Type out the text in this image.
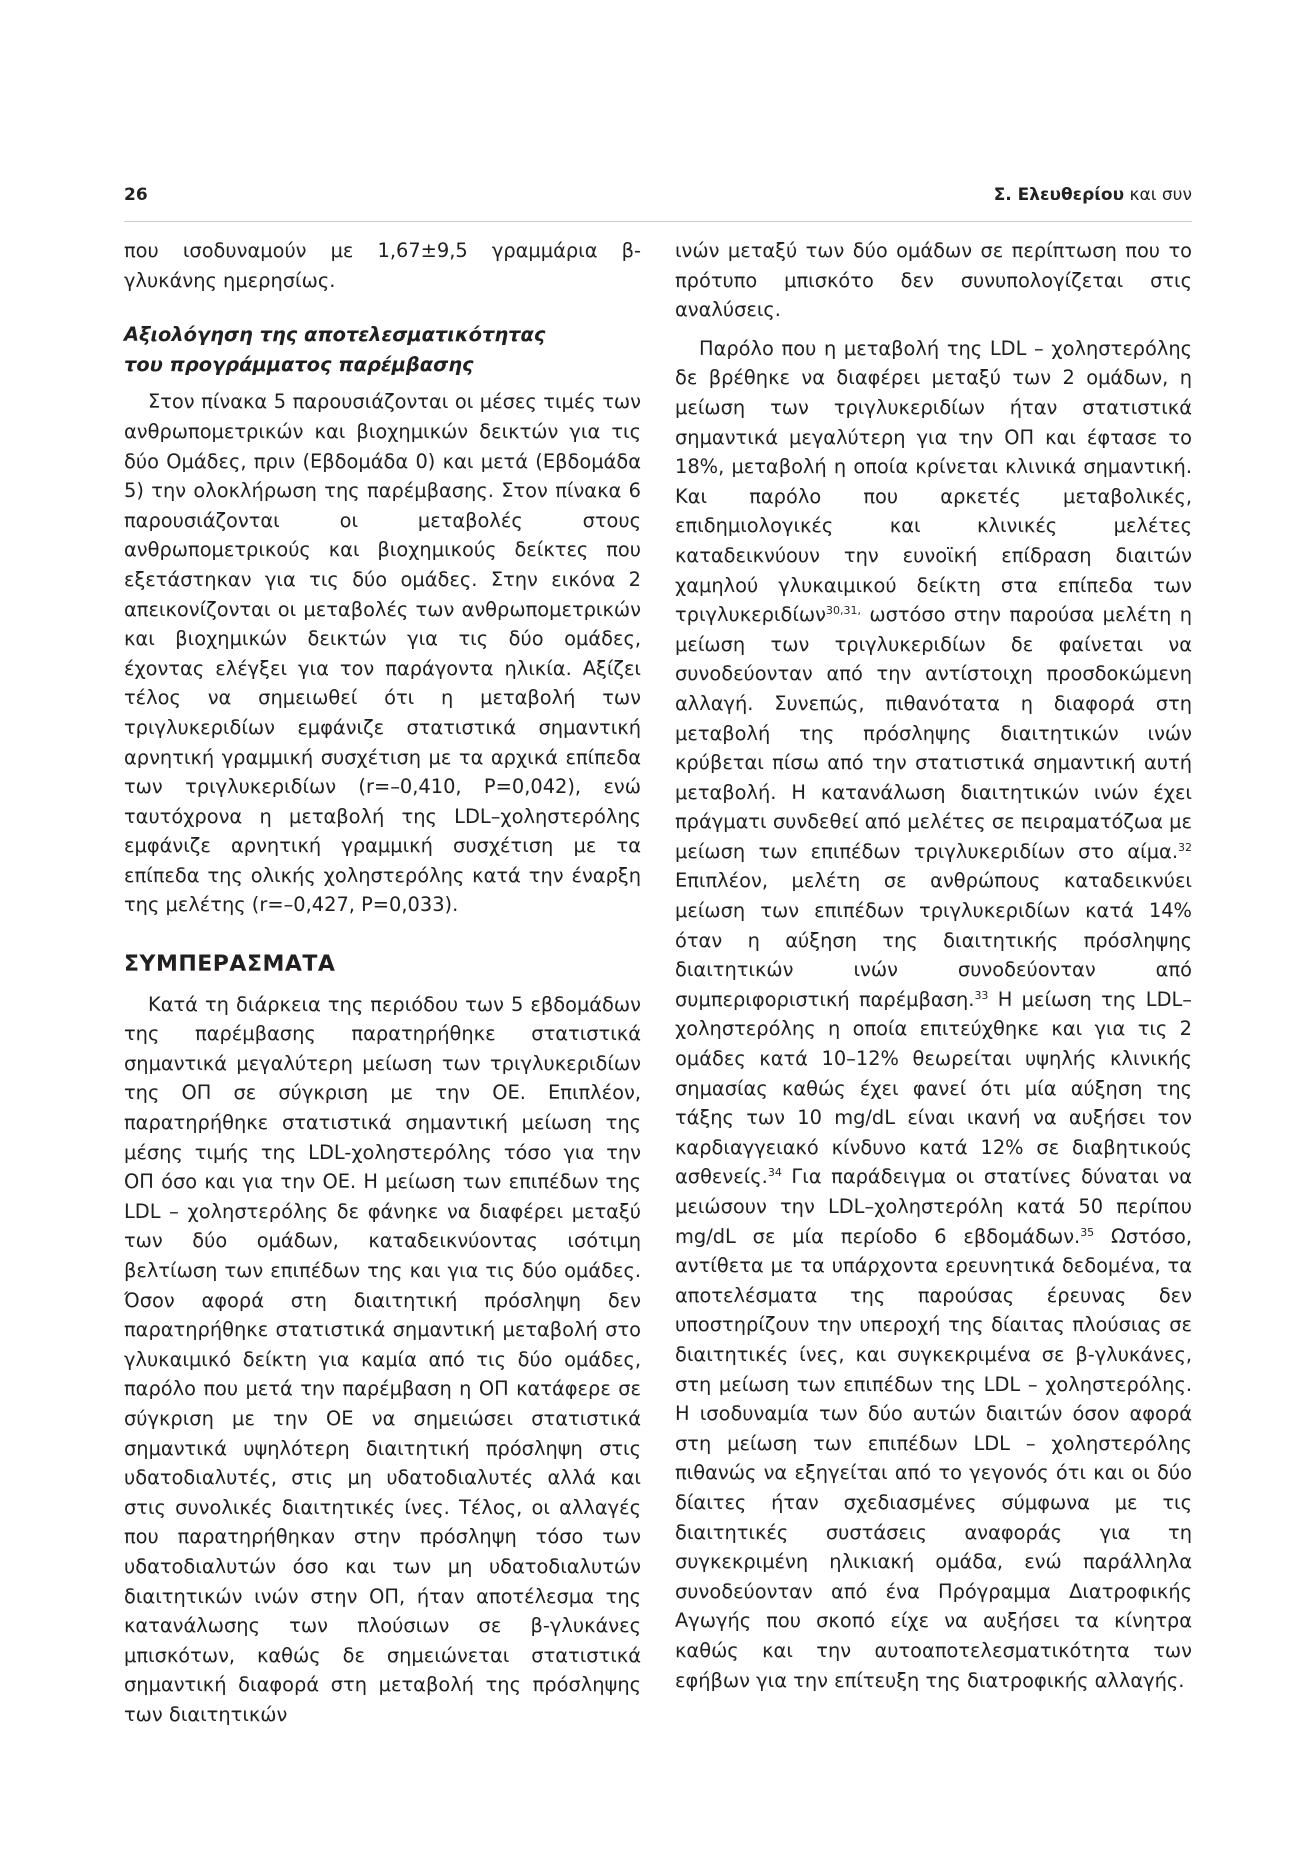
26	Σ. Ελευθερίου και συν

που ισοδυναμούν με 1,67±9,5 γραμμάρια β-γλυκάνης ημερησίως.

Αξιολόγηση της αποτελεσματικότητας
του προγράμματος παρέμβασης

Στον πίνακα 5 παρουσιάζονται οι μέσες τιμές των ανθρωπομετρικών και βιοχημικών δεικτών για τις δύο Ομάδες, πριν (Εβδομάδα 0) και μετά (Εβδομάδα 5) την ολοκλήρωση της παρέμβασης. Στον πίνακα 6 παρουσιάζονται οι μεταβολές στους ανθρωπομετρικούς και βιοχημικούς δείκτες που εξετάστηκαν για τις δύο ομάδες. Στην εικόνα 2 απεικονίζονται οι μεταβολές των ανθρωπομετρικών και βιοχημικών δεικτών για τις δύο ομάδες, έχοντας ελέγξει για τον παράγοντα ηλικία. Αξίζει τέλος να σημειωθεί ότι η μεταβολή των τριγλυκεριδίων εμφάνιζε στατιστικά σημαντική αρνητική γραμμική συσχέτιση με τα αρχικά επίπεδα των τριγλυκεριδίων (r=–0,410, P=0,042), ενώ ταυτόχρονα η μεταβολή της LDL–χοληστερόλης εμφάνιζε αρνητική γραμμική συσχέτιση με τα επίπεδα της ολικής χοληστερόλης κατά την έναρξη της μελέτης (r=–0,427, P=0,033).

ΣΥΜΠΕΡΑΣΜΑΤΑ

Κατά τη διάρκεια της περιόδου των 5 εβδομάδων της παρέμβασης παρατηρήθηκε στατιστικά σημαντικά μεγαλύτερη μείωση των τριγλυκεριδίων της ΟΠ σε σύγκριση με την ΟΕ. Επιπλέον, παρατηρήθηκε στατιστικά σημαντική μείωση της μέσης τιμής της LDL-χοληστερόλης τόσο για την ΟΠ όσο και για την ΟΕ. Η μείωση των επιπέδων της LDL – χοληστερόλης δε φάνηκε να διαφέρει μεταξύ των δύο ομάδων, καταδεικνύοντας ισότιμη βελτίωση των επιπέδων της και για τις δύο ομάδες. Όσον αφορά στη διαιτητική πρόσληψη δεν παρατηρήθηκε στατιστικά σημαντική μεταβολή στο γλυκαιμικό δείκτη για καμία από τις δύο ομάδες, παρόλο που μετά την παρέμβαση η ΟΠ κατάφερε σε σύγκριση με την ΟΕ να σημειώσει στατιστικά σημαντικά υψηλότερη διαιτητική πρόσληψη στις υδατοδιαλυτές, στις μη υδατοδιαλυτές αλλά και στις συνολικές διαιτητικές ίνες. Τέλος, οι αλλαγές που παρατηρήθηκαν στην πρόσληψη τόσο των υδατοδιαλυτών όσο και των μη υδατοδιαλυτών διαιτητικών ινών στην ΟΠ, ήταν αποτέλεσμα της κατανάλωσης των πλούσιων σε β-γλυκάνες μπισκότων, καθώς δε σημειώνεται στατιστικά σημαντική διαφορά στη μεταβολή της πρόσληψης των διαιτητικών

ινών μεταξύ των δύο ομάδων σε περίπτωση που το πρότυπο μπισκότο δεν συνυπολογίζεται στις αναλύσεις.

Παρόλο που η μεταβολή της LDL – χοληστερόλης δε βρέθηκε να διαφέρει μεταξύ των 2 ομάδων, η μείωση των τριγλυκεριδίων ήταν στατιστικά σημαντικά μεγαλύτερη για την ΟΠ και έφτασε το 18%, μεταβολή η οποία κρίνεται κλινικά σημαντική. Και παρόλο που αρκετές μεταβολικές, επιδημιολογικές και κλινικές μελέτες καταδεικνύουν την ευνοϊκή επίδραση διαιτών χαμηλού γλυκαιμικού δείκτη στα επίπεδα των τριγλυκεριδίων$^{30,31,}$ ωστόσο στην παρούσα μελέτη η μείωση των τριγλυκεριδίων δε φαίνεται να συνοδεύονταν από την αντίστοιχη προσδοκώμενη αλλαγή. Συνεπώς, πιθανότατα η διαφορά στη μεταβολή της πρόσληψης διαιτητικών ινών κρύβεται πίσω από την στατιστικά σημαντική αυτή μεταβολή. Η κατανάλωση διαιτητικών ινών έχει πράγματι συνδεθεί από μελέτες σε πειραματόζωα με μείωση των επιπέδων τριγλυκεριδίων στο αίμα.$^{32}$ Επιπλέον, μελέτη σε ανθρώπους καταδεικνύει μείωση των επιπέδων τριγλυκεριδίων κατά 14% όταν η αύξηση της διαιτητικής πρόσληψης διαιτητικών ινών συνοδεύονταν από συμπεριφοριστική παρέμβαση.$^{33}$ Η μείωση της LDL–χοληστερόλης η οποία επιτεύχθηκε και για τις 2 ομάδες κατά 10–12% θεωρείται υψηλής κλινικής σημασίας καθώς έχει φανεί ότι μία αύξηση της τάξης των 10 mg/dL είναι ικανή να αυξήσει τον καρδιαγγειακό κίνδυνο κατά 12% σε διαβητικούς ασθενείς.$^{34}$ Για παράδειγμα οι στατίνες δύναται να μειώσουν την LDL–χοληστερόλη κατά 50 περίπου mg/dL σε μία περίοδο 6 εβδομάδων.$^{35}$ Ωστόσο, αντίθετα με τα υπάρχοντα ερευνητικά δεδομένα, τα αποτελέσματα της παρούσας έρευνας δεν υποστηρίζουν την υπεροχή της δίαιτας πλούσιας σε διαιτητικές ίνες, και συγκεκριμένα σε β-γλυκάνες, στη μείωση των επιπέδων της LDL – χοληστερόλης. Η ισοδυναμία των δύο αυτών διαιτών όσον αφορά στη μείωση των επιπέδων LDL – χοληστερόλης πιθανώς να εξηγείται από το γεγονός ότι και οι δύο δίαιτες ήταν σχεδιασμένες σύμφωνα με τις διαιτητικές συστάσεις αναφοράς για τη συγκεκριμένη ηλικιακή ομάδα, ενώ παράλληλα συνοδεύονταν από ένα Πρόγραμμα Διατροφικής Αγωγής που σκοπό είχε να αυξήσει τα κίνητρα καθώς και την αυτοαποτελεσματικότητα των εφήβων για την επίτευξη της διατροφικής αλλαγής.
